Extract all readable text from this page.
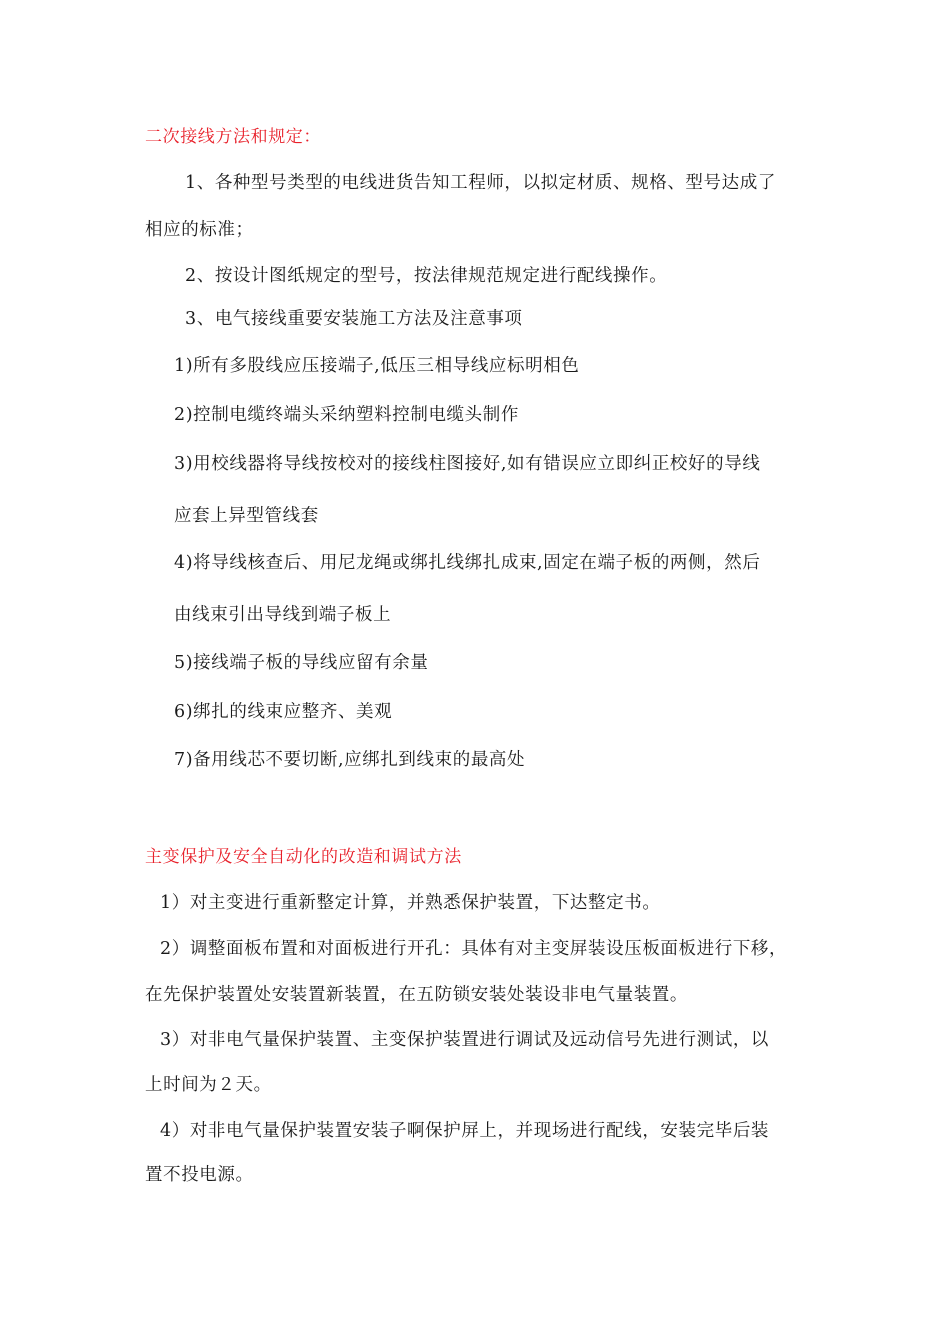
二次接线方法和规定：
1、各种型号类型的电线进货告知工程师，以拟定材质、规格、型号达成了
相应的标准；
2、按设计图纸规定的型号，按法律规范规定进行配线操作。
3、电气接线重要安装施工方法及注意事项
1)所有多股线应压接端子,低压三相导线应标明相色
2)控制电缆终端头采纳塑料控制电缆头制作
3)用校线器将导线按校对的接线柱图接好,如有错误应立即纠正校好的导线
应套上异型管线套
4)将导线核查后、用尼龙绳或绑扎线绑扎成束,固定在端子板的两侧，然后
由线束引出导线到端子板上
5)接线端子板的导线应留有余量
6)绑扎的线束应整齐、美观
7)备用线芯不要切断,应绑扎到线束的最高处
主变保护及安全自动化的改造和调试方法
1）对主变进行重新整定计算，并熟悉保护装置，下达整定书。
2）调整面板布置和对面板进行开孔：具体有对主变屏装设压板面板进行下移，
在先保护装置处安装置新装置，在五防锁安装处装设非电气量装置。
3）对非电气量保护装置、主变保护装置进行调试及远动信号先进行测试，以
上时间为２天。
4）对非电气量保护装置安装子啊保护屏上，并现场进行配线，安装完毕后装
置不投电源。
